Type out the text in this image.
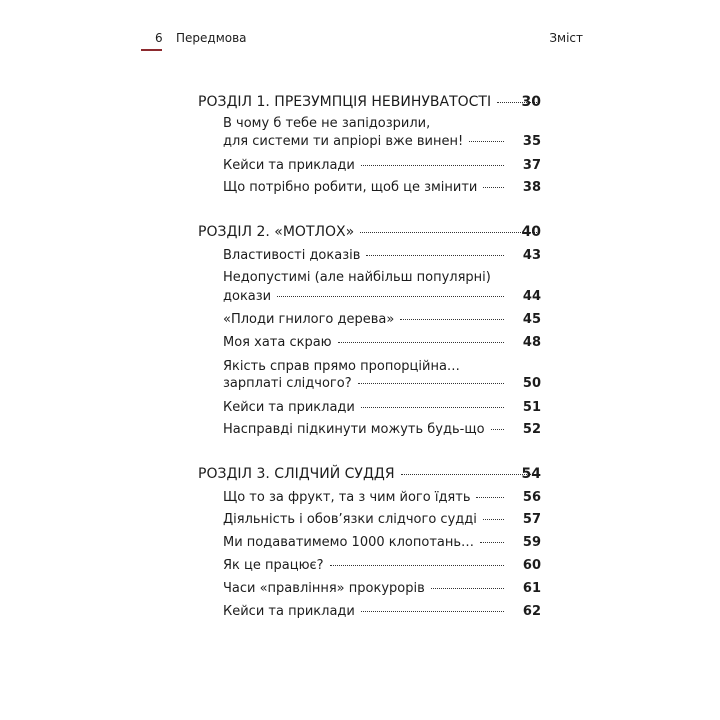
6 Передмова	Зміст
РОЗДІЛ 1. ПРЕЗУМПЦІЯ НЕВИНУВАТОСТІ 30
В чому б тебе не запідозрили,
для системи ти апріорі вже винен!	35
Кейси та приклади	37
Що потрібно робити, щоб це змінити	38
РОЗДІЛ 2. «МОТЛОХ»	40
Властивості доказів	43
Недопустимі (але найбільш популярні)
докази	44
«Плоди гнилого дерева»	45
Моя хата скраю	48
Якість справ прямо пропорційна…
зарплаті слідчого?	50
Кейси та приклади	51
Насправді підкинути можуть будь-що	52
РОЗДІЛ 3. СЛІДЧИЙ СУДДЯ	54
Що то за фрукт, та з чим його їдять	56
Діяльність і обов’язки слідчого судді	57
Ми подаватимемо 1000 клопотань…	59
Як це працює?	60
Часи «правління» прокурорів	61
Кейси та приклади	62
